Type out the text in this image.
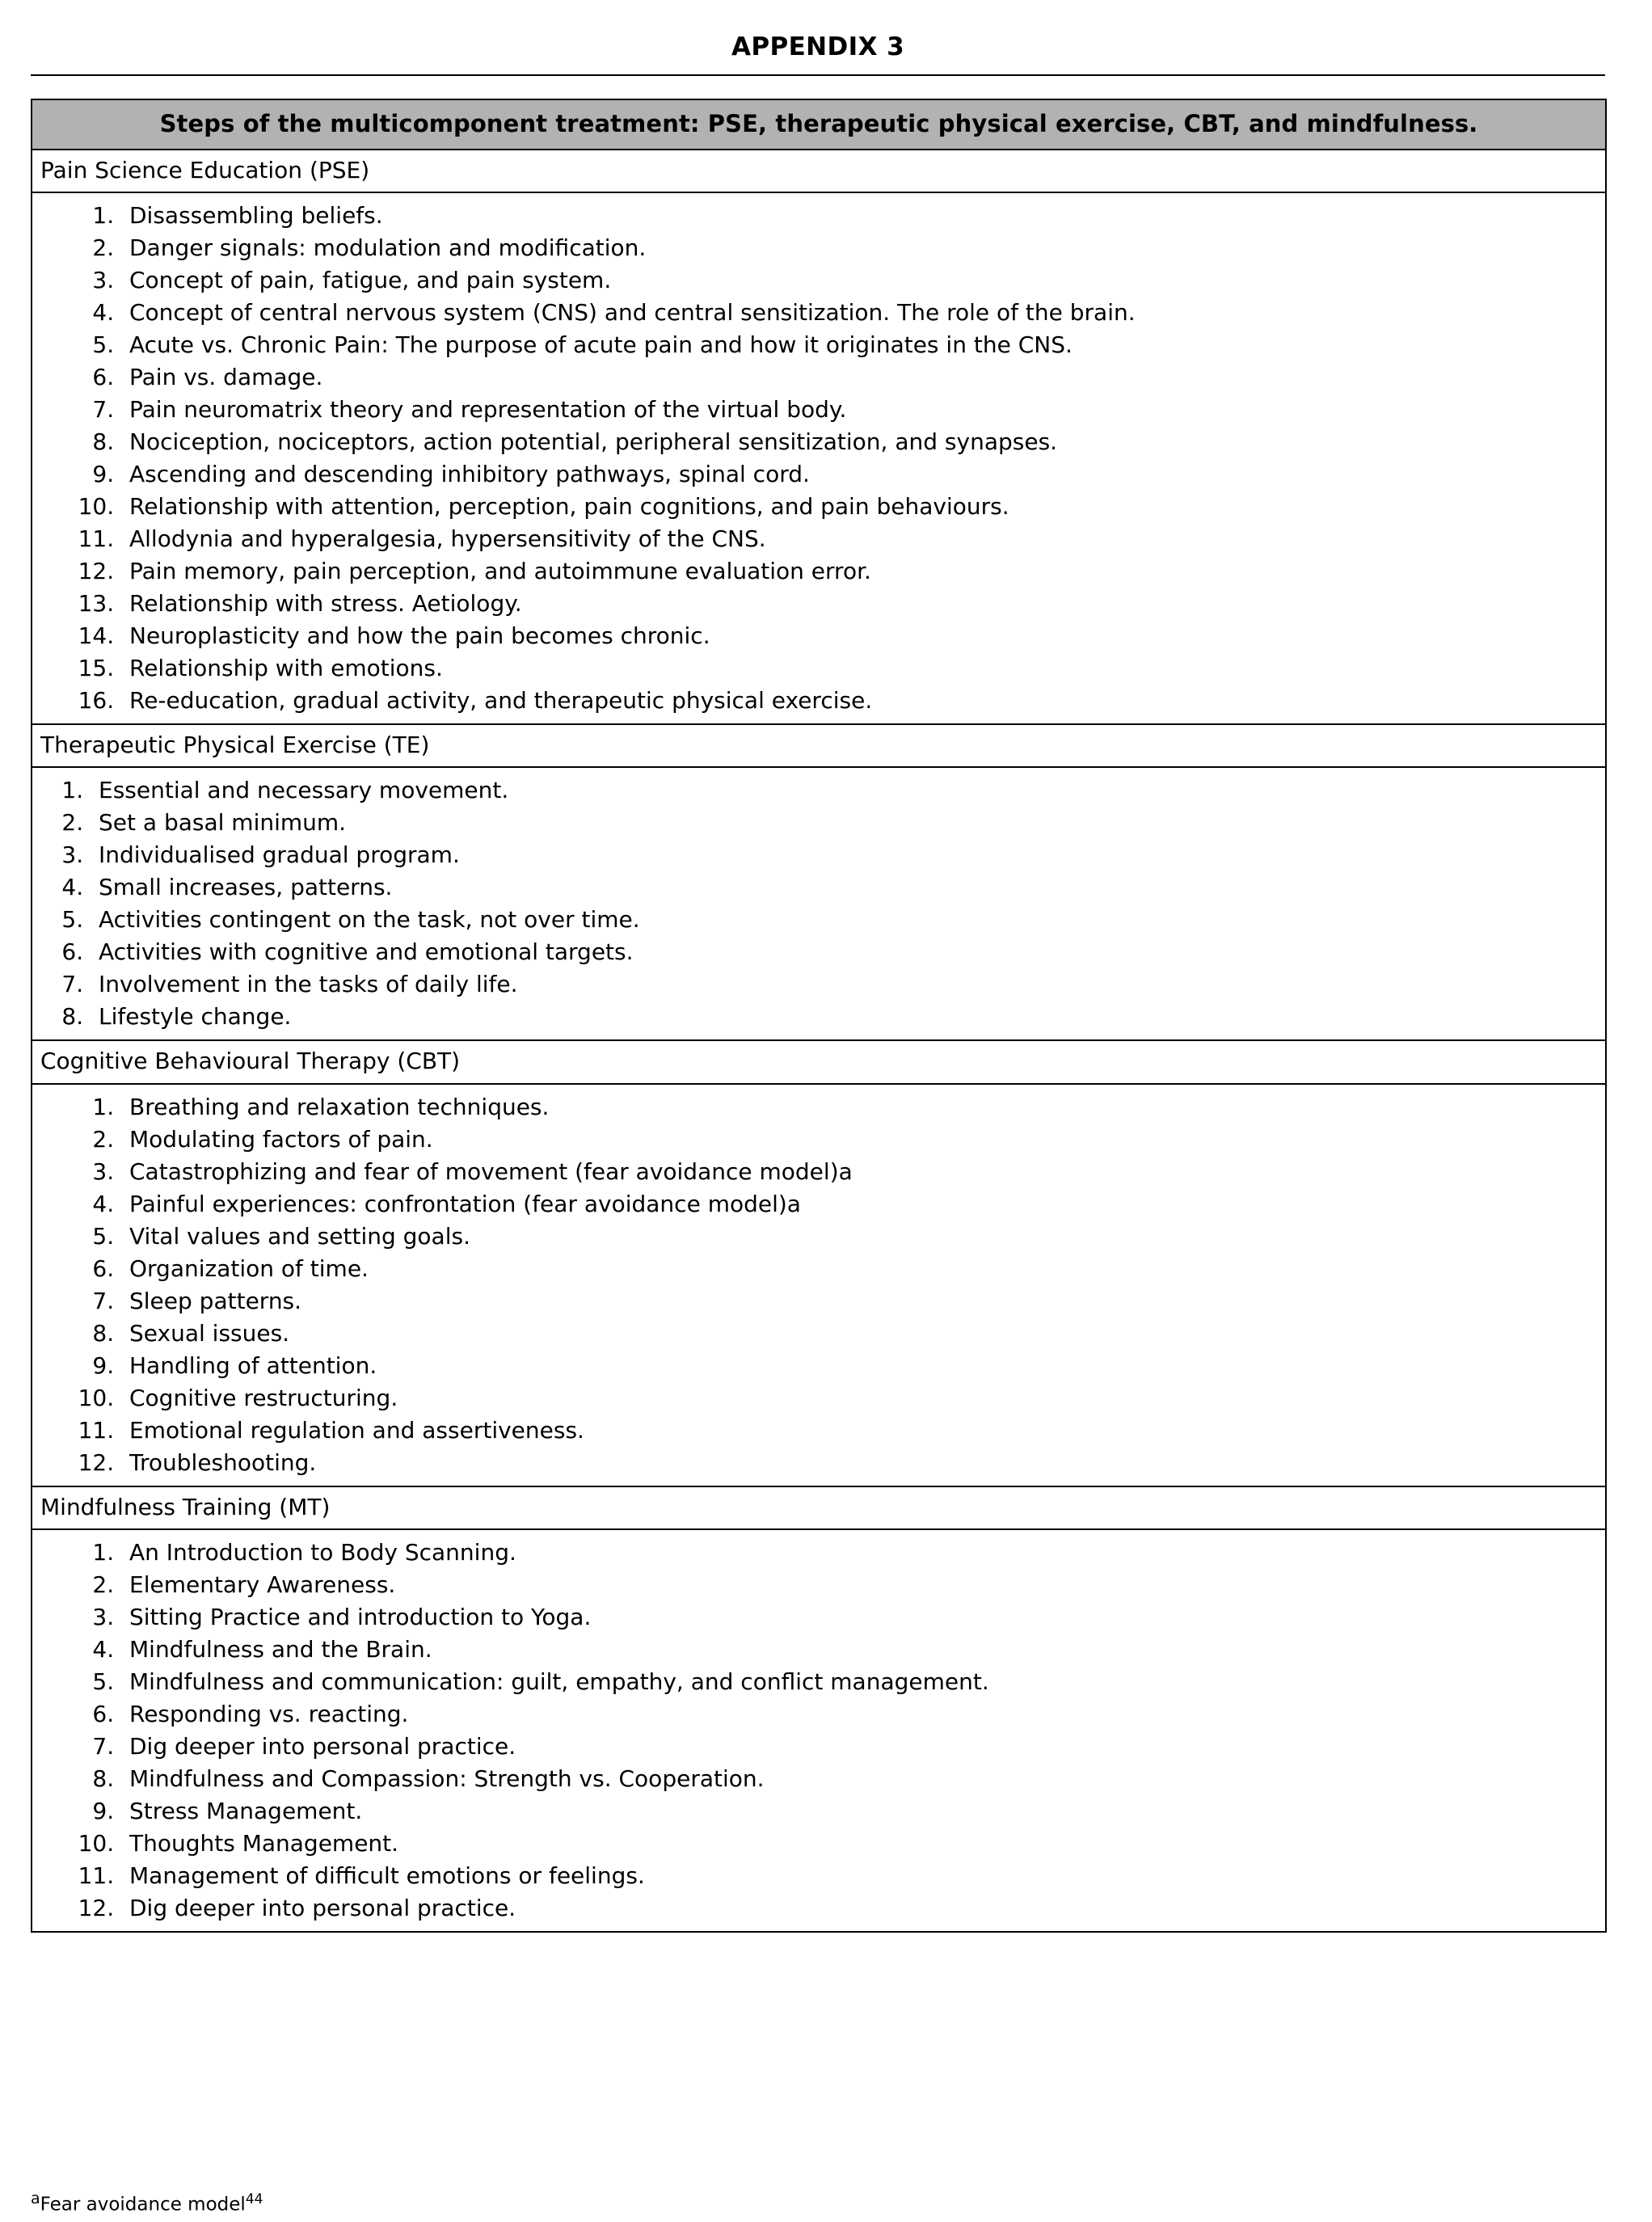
APPENDIX 3
Steps of the multicomponent treatment: PSE, therapeutic physical exercise, CBT, and mindfulness.
Pain Science Education (PSE)

1. Disassembling beliefs.
2. Danger signals: modulation and modification.
3. Concept of pain, fatigue, and pain system.
4. Concept of central nervous system (CNS) and central sensitization. The role of the brain.
5. Acute vs. Chronic Pain: The purpose of acute pain and how it originates in the CNS.
6. Pain vs. damage.
7. Pain neuromatrix theory and representation of the virtual body.
8. Nociception, nociceptors, action potential, peripheral sensitization, and synapses.
9. Ascending and descending inhibitory pathways, spinal cord.
10. Relationship with attention, perception, pain cognitions, and pain behaviours.
11. Allodynia and hyperalgesia, hypersensitivity of the CNS.
12. Pain memory, pain perception, and autoimmune evaluation error.
13. Relationship with stress. Aetiology.
14. Neuroplasticity and how the pain becomes chronic.
15. Relationship with emotions.
16. Re-education, gradual activity, and therapeutic physical exercise.

Therapeutic Physical Exercise (TE)

1. Essential and necessary movement.
2. Set a basal minimum.
3. Individualised gradual program.
4. Small increases, patterns.
5. Activities contingent on the task, not over time.
6. Activities with cognitive and emotional targets.
7. Involvement in the tasks of daily life.
8. Lifestyle change.

Cognitive Behavioural Therapy (CBT)

1. Breathing and relaxation techniques.
2. Modulating factors of pain.
3. Catastrophizing and fear of movement (fear avoidance model)a
4. Painful experiences: confrontation (fear avoidance model)a
5. Vital values and setting goals.
6. Organization of time.
7. Sleep patterns.
8. Sexual issues.
9. Handling of attention.
10. Cognitive restructuring.
11. Emotional regulation and assertiveness.
12. Troubleshooting.

Mindfulness Training (MT)

1. An Introduction to Body Scanning.
2. Elementary Awareness.
3. Sitting Practice and introduction to Yoga.
4. Mindfulness and the Brain.
5. Mindfulness and communication: guilt, empathy, and conflict management.
6. Responding vs. reacting.
7. Dig deeper into personal practice.
8. Mindfulness and Compassion: Strength vs. Cooperation.
9. Stress Management.
10. Thoughts Management.
11. Management of difficult emotions or feelings.
12. Dig deeper into personal practice.
$^a$Fear avoidance model$^{44}$
